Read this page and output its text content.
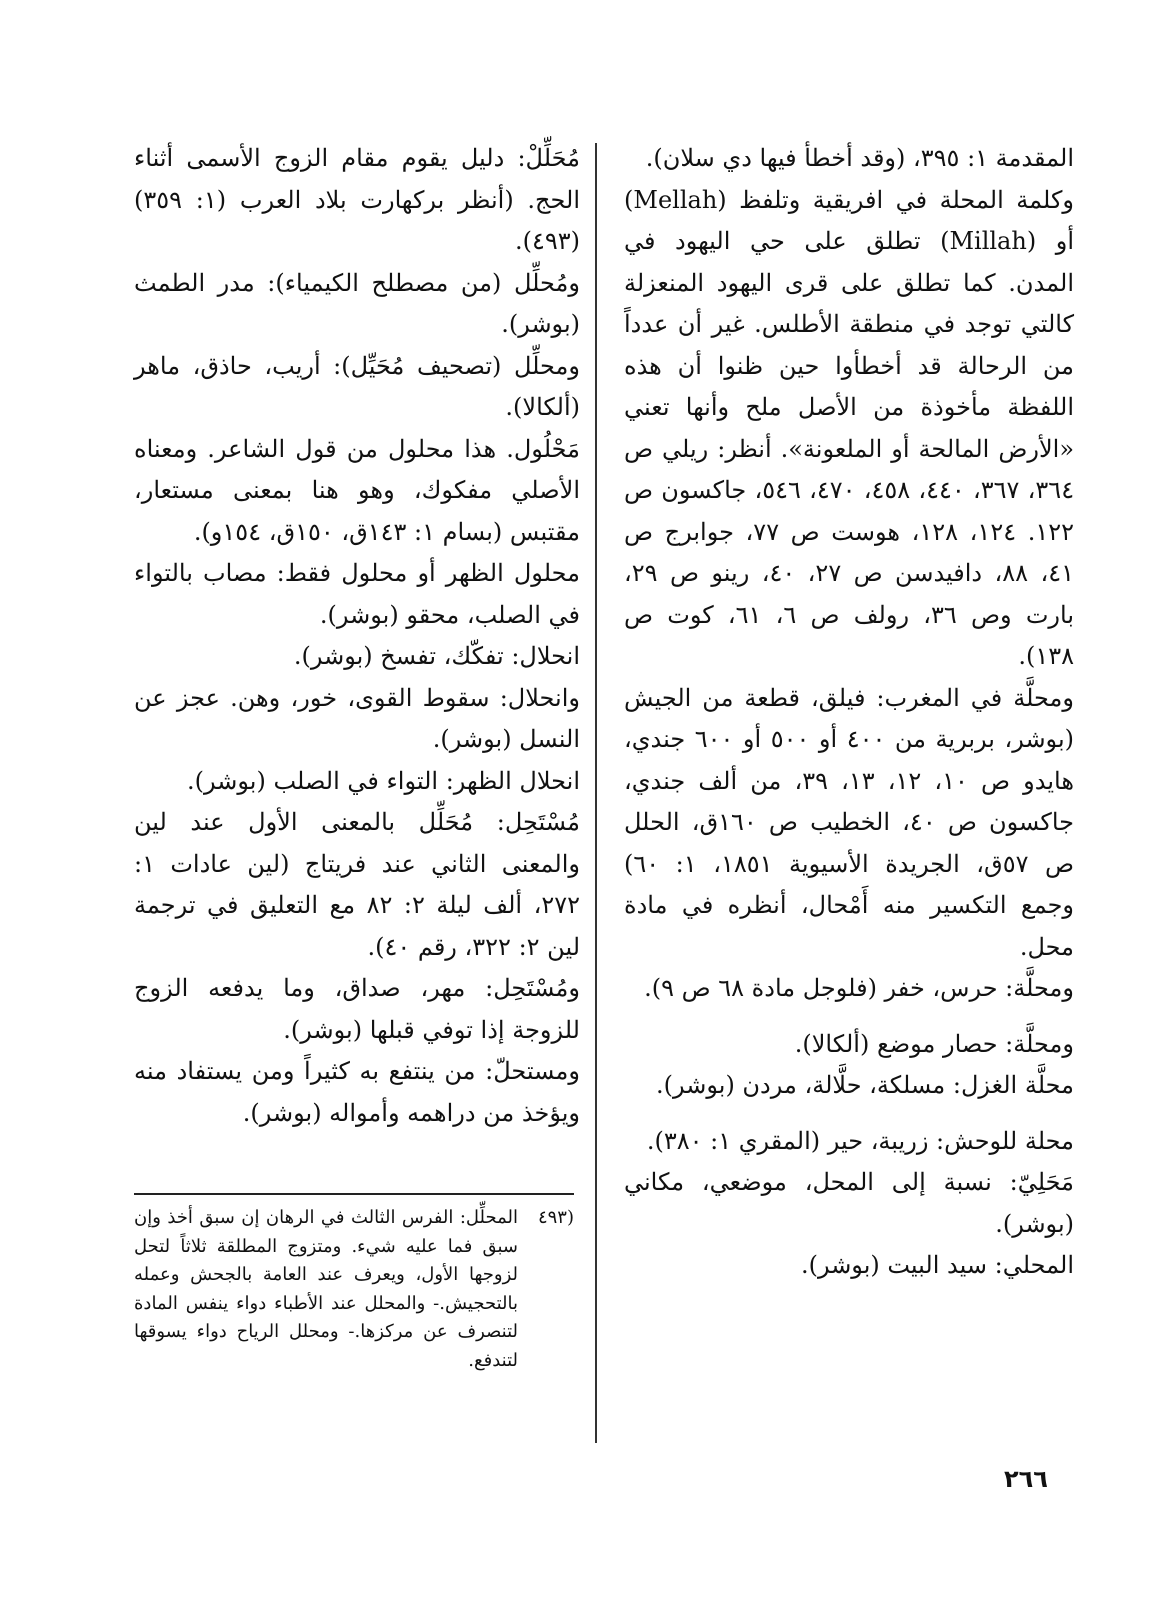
المقدمة ١: ٣٩٥، (وقد أخطأ فيها دي سلان).

وكلمة المحلة في افريقية وتلفظ (Mellah) أو (Millah) تطلق على حي اليهود في المدن. كما تطلق على قرى اليهود المنعزلة كالتي توجد في منطقة الأطلس. غير أن عدداً من الرحالة قد أخطأوا حين ظنوا أن هذه اللفظة مأخوذة من الأصل ملح وأنها تعني «الأرض المالحة أو الملعونة». أنظر: ريلي ص ٣٦٤، ٣٦٧، ٤٤٠، ٤٥٨، ٤٧٠، ٥٤٦، جاكسون ص ١٢٢. ١٢٤، ١٢٨، هوست ص ٧٧، جوابرج ص ٤١، ٨٨، دافيدسن ص ٢٧، ٤٠، رينو ص ٢٩، بارت وص ٣٦، رولف ص ٦، ٦١، كوت ص ١٣٨).

ومحلَّة في المغرب: فيلق، قطعة من الجيش (بوشر، بربرية من ٤٠٠ أو ٥٠٠ أو ٦٠٠ جندي، هايدو ص ١٠، ١٢، ١٣، ٣٩، من ألف جندي، جاكسون ص ٤٠، الخطيب ص ١٦٠ق، الحلل ص ٥٧ق، الجريدة الأسيوية ١٨٥١، ١: ٦٠) وجمع التكسير منه أَمْحال، أنظره في مادة محل.

ومحلَّة: حرس، خفر (فلوجل مادة ٦٨ ص ٩).

ومحلَّة: حصار موضع (ألكالا).

محلَّة الغزل: مسلكة، حلَّالة، مردن (بوشر).

محلة للوحش: زريبة، حير (المقري ١: ٣٨٠).

مَحَلِيّ: نسبة إلى المحل، موضعي، مكاني (بوشر).

المحلي: سيد البيت (بوشر).

مُحَلِّلْ: دليل يقوم مقام الزوج الأسمى أثناء الحج. (أنظر بركهارت بلاد العرب (١: ٣٥٩)(٤٩٣).

ومُحلِّل (من مصطلح الكيمياء): مدر الطمث (بوشر).

ومحلِّل (تصحيف مُحَيِّل): أريب، حاذق، ماهر (ألكالا).

مَحْلُول. هذا محلول من قول الشاعر. ومعناه الأصلي مفكوك، وهو هنا بمعنى مستعار، مقتبس (بسام ١: ١٤٣ق، ١٥٠ق، ١٥٤و).

محلول الظهر أو محلول فقط: مصاب بالتواء في الصلب، محقو (بوشر).

انحلال: تفكّك، تفسخ (بوشر).

وانحلال: سقوط القوى، خور، وهن. عجز عن النسل (بوشر).

انحلال الظهر: التواء في الصلب (بوشر).

مُسْتَحِل: مُحَلِّل بالمعنى الأول عند لين والمعنى الثاني عند فريتاج (لين عادات ١: ٢٧٢، ألف ليلة ٢: ٨٢ مع التعليق في ترجمة لين ٢: ٣٢٢، رقم ٤٠).

ومُسْتَحِل: مهر، صداق، وما يدفعه الزوج للزوجة إذا توفي قبلها (بوشر).

ومستحلّ: من ينتفع به كثيراً ومن يستفاد منه ويؤخذ من دراهمه وأمواله (بوشر).

(٤٩٣

المحلِّل: الفرس الثالث في الرهان إن سبق أخذ وإن سبق فما عليه شيء. ومتزوج المطلقة ثلاثاً لتحل لزوجها الأول، ويعرف عند العامة بالجحش وعمله بالتحجيش.- والمحلل عند الأطباء دواء ينفس المادة لتنصرف عن مركزها.- ومحلل الرياح دواء يسوقها لتندفع.

٢٦٦
